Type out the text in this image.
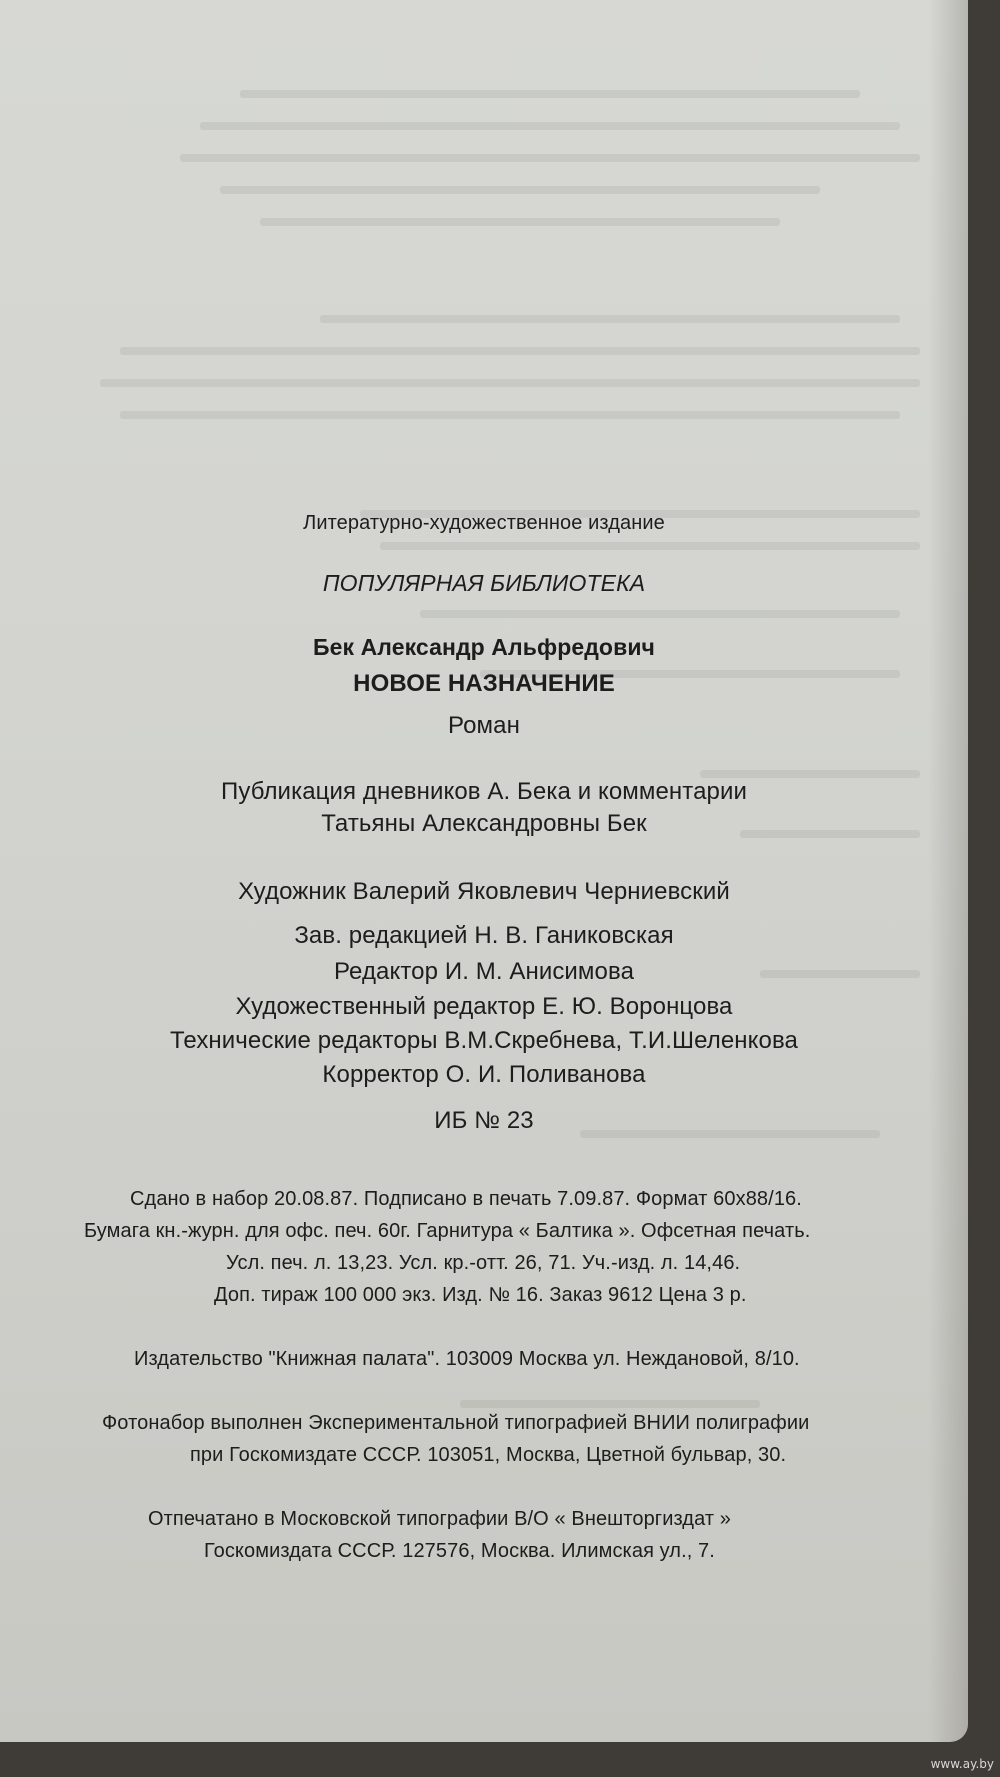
Литературно-художественное издание
ПОПУЛЯРНАЯ БИБЛИОТЕКА
Бек Александр Альфредович
НОВОЕ НАЗНАЧЕНИЕ
Роман
Публикация дневников А. Бека и комментарии
Татьяны Александровны Бек
Художник Валерий Яковлевич Черниевский
Зав. редакцией Н. В. Ганиковская
Редактор И. М. Анисимова
Художественный редактор Е. Ю. Воронцова
Технические редакторы В.М.Скребнева, Т.И.Шеленкова
Корректор О. И. Поливанова
ИБ № 23
Сдано в набор 20.08.87. Подписано в печать 7.09.87. Формат 60х88/16.
Бумага кн.-журн. для офс. печ. 60г. Гарнитура « Балтика ». Офсетная печать.
Усл. печ. л. 13,23. Усл. кр.-отт. 26, 71. Уч.-изд. л. 14,46.
Доп. тираж 100 000 экз. Изд. № 16. Заказ 9612 Цена 3 р.
Издательство "Книжная палата". 103009 Москва ул. Неждановой, 8/10.
Фотонабор выполнен Экспериментальной типографией ВНИИ полиграфии
при Госкомиздате СССР. 103051, Москва, Цветной бульвар, 30.
Отпечатано в Московской типографии В/О « Внешторгиздат »
Госкомиздата СССР. 127576, Москва. Илимская ул., 7.
www.ay.by
